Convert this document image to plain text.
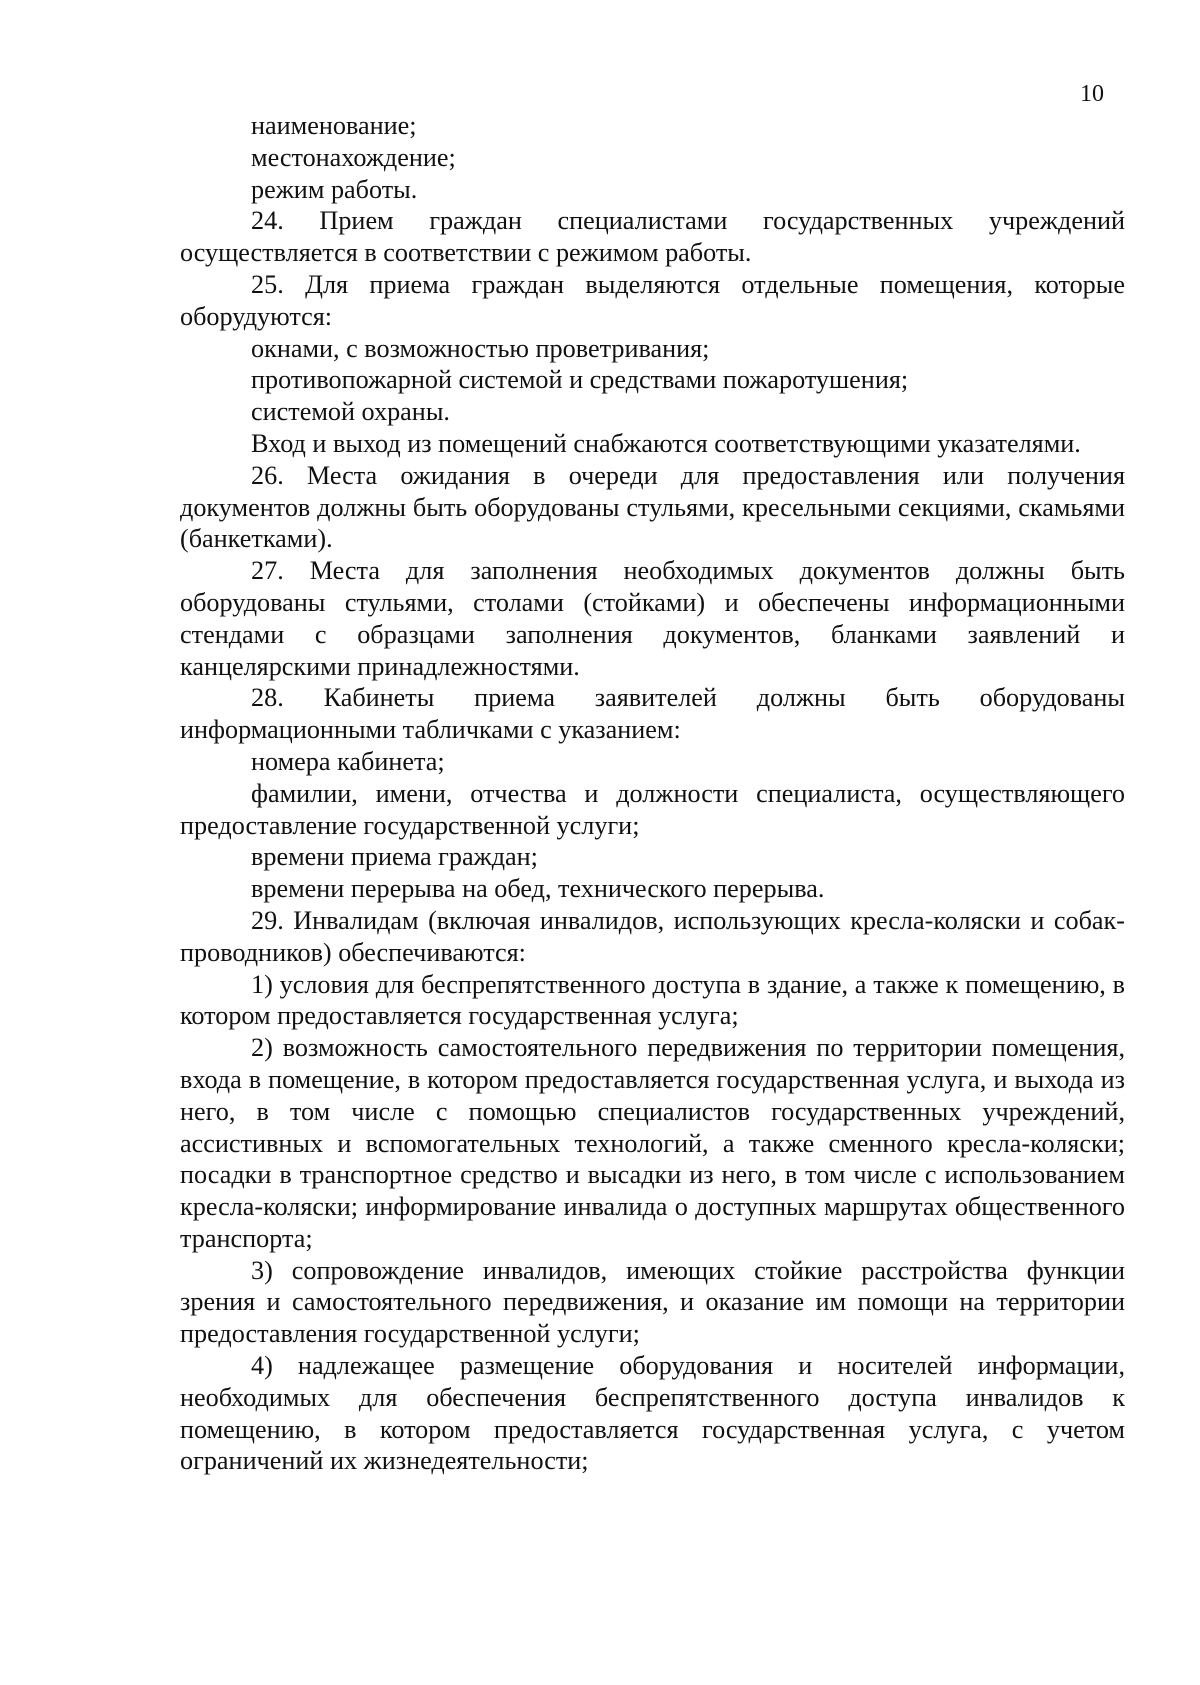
10

наименование;

местонахождение;

режим работы.

24. Прием граждан специалистами государственных учреждений осуществляется в соответствии с режимом работы.

25. Для приема граждан выделяются отдельные помещения, которые оборудуются:

окнами, с возможностью проветривания;

противопожарной системой и средствами пожаротушения;

системой охраны.

Вход и выход из помещений снабжаются соответствующими указателями.

26. Места ожидания в очереди для предоставления или получения документов должны быть оборудованы стульями, кресельными секциями, скамьями (банкетками).

27. Места для заполнения необходимых документов должны быть оборудованы стульями, столами (стойками) и обеспечены информационными стендами с образцами заполнения документов, бланками заявлений и канцелярскими принадлежностями.

28. Кабинеты приема заявителей должны быть оборудованы информационными табличками с указанием:

номера кабинета;

фамилии, имени, отчества и должности специалиста, осуществляющего предоставление государственной услуги;

времени приема граждан;

времени перерыва на обед, технического перерыва.

29. Инвалидам (включая инвалидов, использующих кресла-коляски и собак-проводников) обеспечиваются:

1) условия для беспрепятственного доступа в здание, а также к помещению, в котором предоставляется государственная услуга;

2) возможность самостоятельного передвижения по территории помещения, входа в помещение, в котором предоставляется государственная услуга, и выхода из него, в том числе с помощью специалистов государственных учреждений, ассистивных и вспомогательных технологий, а также сменного кресла-коляски; посадки в транспортное средство и высадки из него, в том числе с использованием кресла-коляски; информирование инвалида о доступных маршрутах общественного транспорта;

3) сопровождение инвалидов, имеющих стойкие расстройства функции зрения и самостоятельного передвижения, и оказание им помощи на территории предоставления государственной услуги;

4) надлежащее размещение оборудования и носителей информации, необходимых для обеспечения беспрепятственного доступа инвалидов к помещению, в котором предоставляется государственная услуга, с учетом ограничений их жизнедеятельности;
